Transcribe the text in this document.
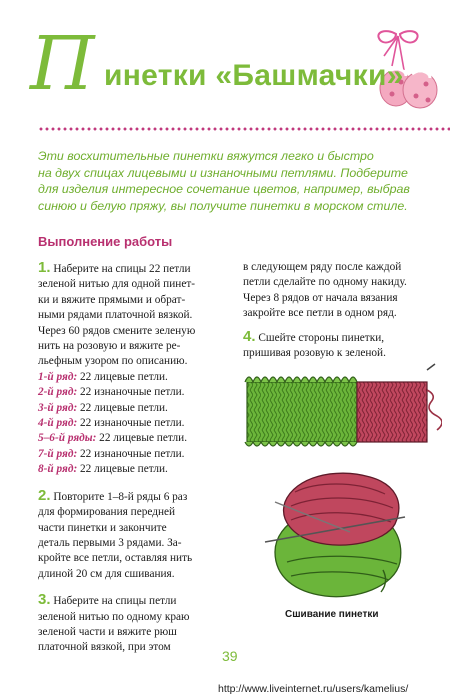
П инетки «Башмачки»
Эти восхитительные пинетки вяжутся легко и быстро
на двух спицах лицевыми и изнаночными петлями. Подберите
для изделия интересное сочетание цветов, например, выбрав
синюю и белую пряжу, вы получите пинетки в морском стиле.
Выполнение работы
1. Наберите на спицы 22 петли
зеленой нитью для одной пинет-
ки и вяжите прямыми и обрат-
ными рядами платочной вязкой.
Через 60 рядов смените зеленую
нить на розовую и вяжите ре-
льефным узором по описанию.
1-й ряд: 22 лицевые петли.
2-й ряд: 22 изнаночные петли.
3-й ряд: 22 лицевые петли.
4-й ряд: 22 изнаночные петли.
5–6-й ряды: 22 лицевые петли.
7-й ряд: 22 изнаночные петли.
8-й ряд: 22 лицевые петли.
2. Повторите 1–8-й ряды 6 раз
для формирования передней
части пинетки и закончите
деталь первыми 3 рядами. За-
кройте все петли, оставляя нить
длиной 20 см для сшивания.
3. Наберите на спицы петли
зеленой нитью по одному краю
зеленой части и вяжите рюш
платочной вязкой, при этом
в следующем ряду после каждой
петли сделайте по одному накиду.
Через 8 рядов от начала вязания
закройте все петли в одном ряд.
4. Сшейте стороны пинетки,
пришивая розовую к зеленой.
Сшивание пинетки
39
http://www.liveinternet.ru/users/kamelius/
